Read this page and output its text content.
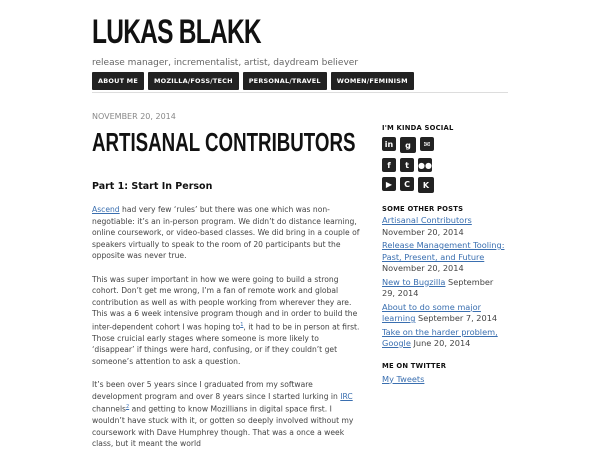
LUKAS BLAKK
release manager, incrementalist, artist, daydream believer
ABOUT ME	MOZILLA/FOSS/TECH	PERSONAL/TRAVEL	WOMEN/FEMINISM
NOVEMBER 20, 2014
ARTISANAL CONTRIBUTORS
Part 1: Start In Person
Ascend had very few ‘rules’ but there was one which was non-negotiable: it’s an in-person program. We didn’t do distance learning, online coursework, or video-based classes. We did bring in a couple of speakers virtually to speak to the room of 20 participants but the opposite was never true.
This was super important in how we were going to build a strong cohort. Don’t get me wrong, I’m a fan of remote work and global contribution as well as with people working from wherever they are. This was a 6 week intensive program though and in order to build the inter-dependent cohort I was hoping $to^1$, it had to be in person at first. Those cruicial early stages where someone is more likely to ‘disappear’ if things were hard, confusing, or if they couldn’t get someone’s attention to ask a question.
It’s been over 5 years since I graduated from my software development program and over 8 years since I started lurking in IRC channels$^2$ and getting to know Mozillians in digital space first. I wouldn’t have stuck with it, or gotten so deeply involved without my coursework with Dave Humphrey though. That was a once a week class, but it meant the world
I'M KINDA SOCIAL
in	g	✉
f	t	●●
▶	C	K
SOME OTHER POSTS
Artisanal Contributors November 20, 2014
Release Management Tooling: Past, Present, and Future November 20, 2014
New to Bugzilla September 29, 2014
About to do some major learning September 7, 2014
Take on the harder problem, Google June 20, 2014
ME ON TWITTER
My Tweets
